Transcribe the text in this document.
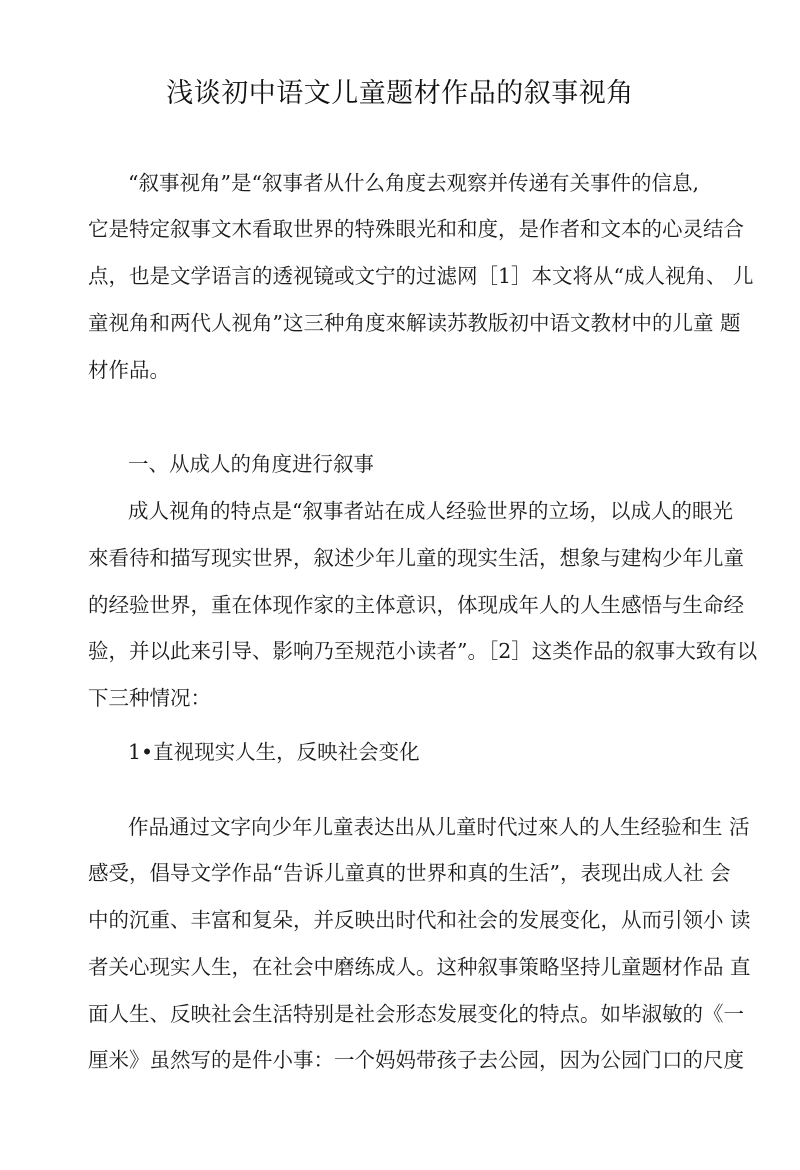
浅谈初中语文儿童题材作品的叙事视角
“叙事视角”是“叙事者从什么角度去观察并传递有关事件的信息,
它是特定叙事文木看取世界的特殊眼光和和度，是作者和文本的心灵结合
点，也是文学语言的透视镜或文宁的过滤网［1］本文将从“成人视角、 儿
童视角和两代人视角”这三种角度來解读苏教版初中语文教材中的儿童 题
材作品。
一、从成人的角度进行叙事
成人视角的特点是“叙事者站在成人经验世界的立场，以成人的眼光
來看待和描写现实世界，叙述少年儿童的现实生活，想象与建构少年儿童
的经验世界，重在体现作家的主体意识，体现成年人的人生感悟与生命经
验，并以此来引导、影响乃至规范小读者”。［2］这类作品的叙事大致有以
下三种情况：
1•直视现实人生，反映社会变化
作品通过文字向少年儿童表达出从儿童时代过來人的人生经验和生 活
感受，倡导文学作品“告诉儿童真的世界和真的生活”，表现出成人社 会
中的沉重、丰富和复朵，并反映出时代和社会的发展变化，从而引领小 读
者关心现实人生，在社会中磨练成人。这种叙事策略坚持儿童题材作品 直
面人生、反映社会生活特别是社会形态发展变化的特点。如毕淑敏的《一
厘米》虽然写的是件小事：一个妈妈带孩子去公园，因为公园门口的尺度
